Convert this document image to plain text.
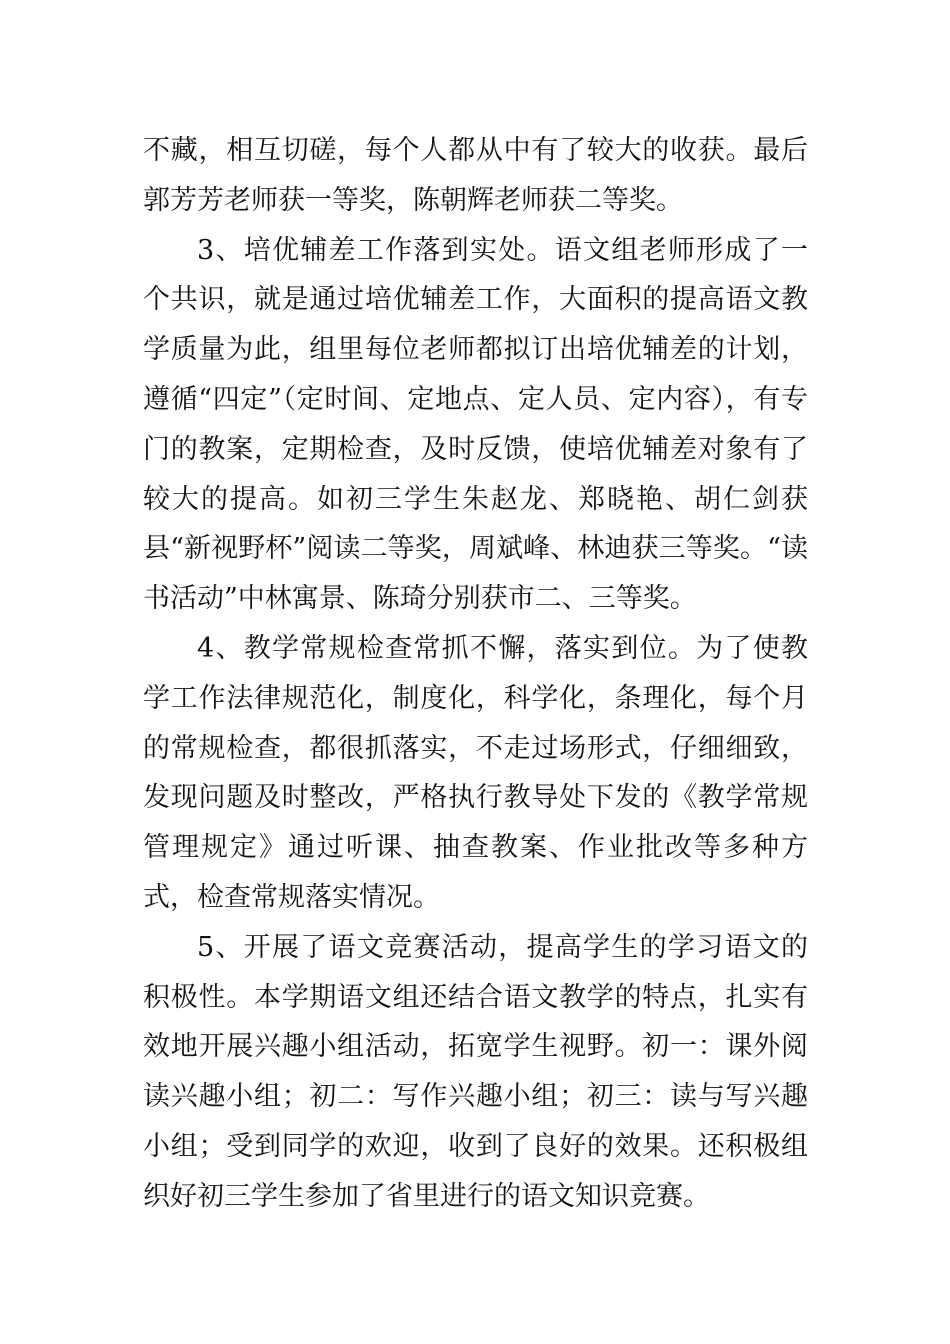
不藏，相互切磋，每个人都从中有了较大的收获。最后郭芳芳老师获一等奖，陈朝辉老师获二等奖。

3、培优辅差工作落到实处。语文组老师形成了一个共识，就是通过培优辅差工作，大面积的提高语文教学质量为此，组里每位老师都拟订出培优辅差的计划，遵循“四定”（定时间、定地点、定人员、定内容），有专门的教案，定期检查，及时反馈，使培优辅差对象有了较大的提高。如初三学生朱赵龙、郑晓艳、胡仁剑获县“新视野杯”阅读二等奖，周斌峰、林迪获三等奖。“读书活动”中林寓景、陈琦分别获市二、三等奖。

4、教学常规检查常抓不懈，落实到位。为了使教学工作法律规范化，制度化，科学化，条理化，每个月的常规检查，都很抓落实，不走过场形式，仔细细致，发现问题及时整改，严格执行教导处下发的《教学常规管理规定》通过听课、抽查教案、作业批改等多种方式，检查常规落实情况。

5、开展了语文竞赛活动，提高学生的学习语文的积极性。本学期语文组还结合语文教学的特点，扎实有效地开展兴趣小组活动，拓宽学生视野。初一：课外阅读兴趣小组；初二：写作兴趣小组；初三：读与写兴趣小组；受到同学的欢迎，收到了良好的效果。还积极组织好初三学生参加了省里进行的语文知识竞赛。
